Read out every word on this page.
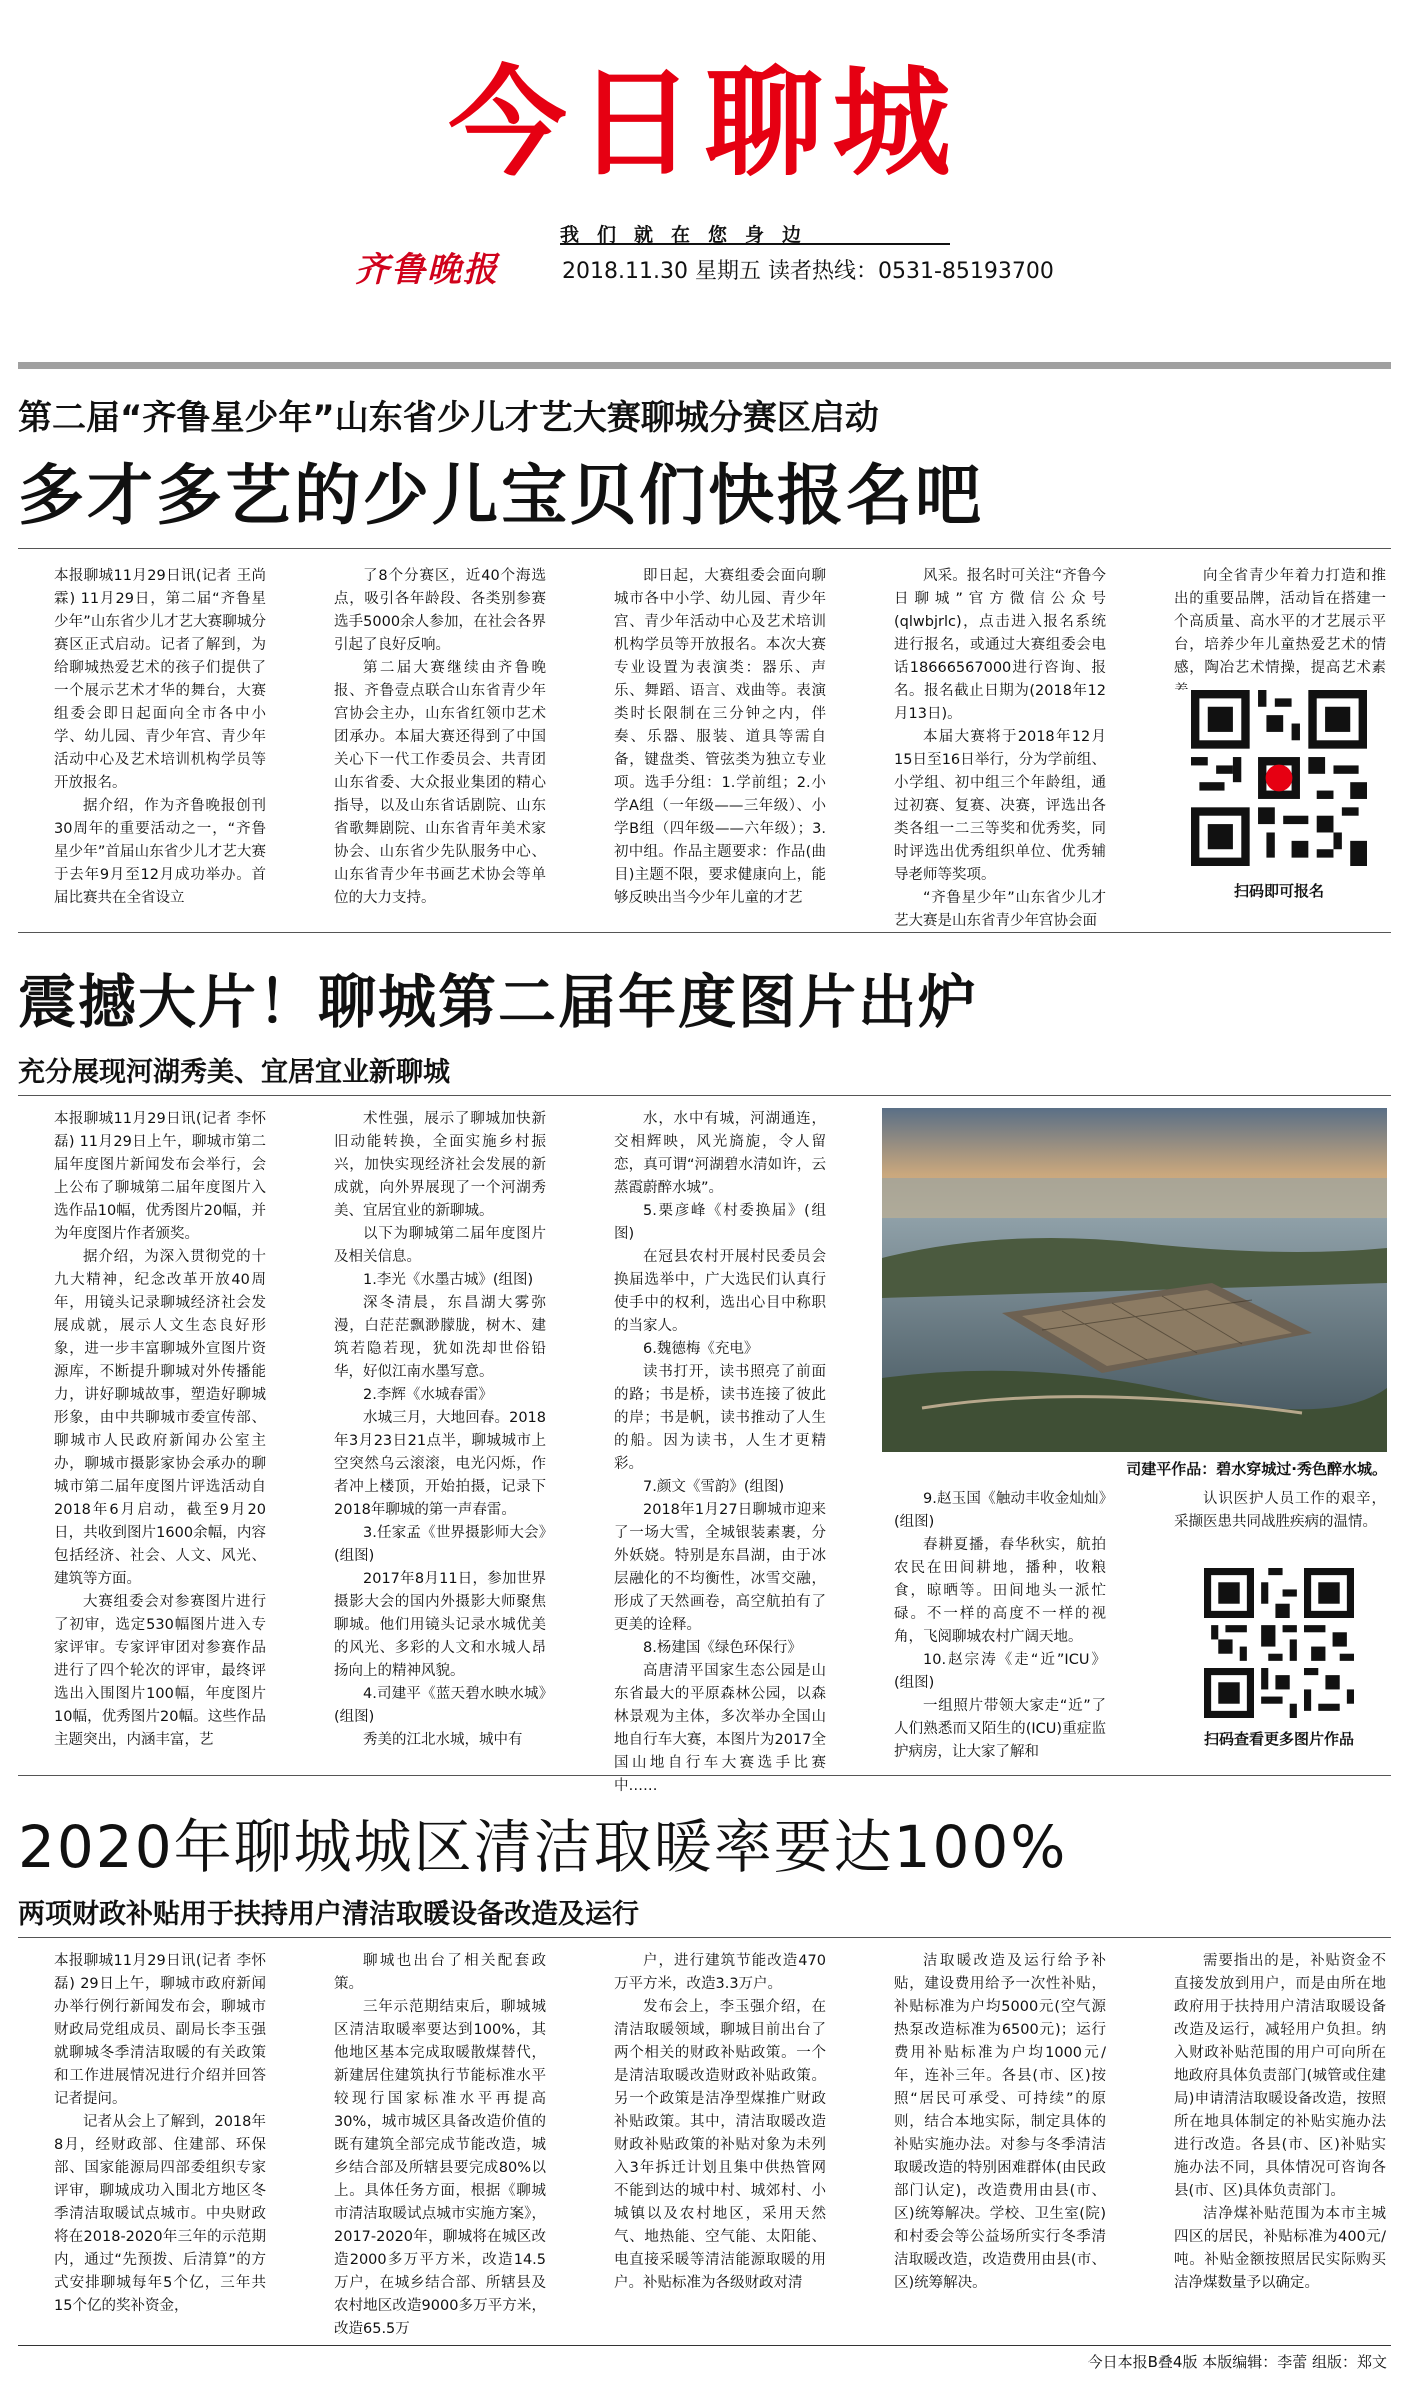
今日聊城
我们就在您身边
齐鲁晚报	2018.11.30 星期五 读者热线：0531-85193700
第二届“齐鲁星少年”山东省少儿才艺大赛聊城分赛区启动
多才多艺的少儿宝贝们快报名吧

本报聊城11月29日讯(记者 王尚霖) 11月29日，第二届“齐鲁星少年”山东省少儿才艺大赛聊城分赛区正式启动。记者了解到，为给聊城热爱艺术的孩子们提供了一个展示艺术才华的舞台，大赛组委会即日起面向全市各中小学、幼儿园、青少年宫、青少年活动中心及艺术培训机构学员等开放报名。

据介绍，作为齐鲁晚报创刊30周年的重要活动之一，“齐鲁星少年”首届山东省少儿才艺大赛于去年9月至12月成功举办。首届比赛共在全省设立

了8个分赛区，近40个海选点，吸引各年龄段、各类别参赛选手5000余人参加，在社会各界引起了良好反响。

第二届大赛继续由齐鲁晚报、齐鲁壹点联合山东省青少年宫协会主办，山东省红领巾艺术团承办。本届大赛还得到了中国关心下一代工作委员会、共青团山东省委、大众报业集团的精心指导，以及山东省话剧院、山东省歌舞剧院、山东省青年美术家协会、山东省少先队服务中心、山东省青少年书画艺术协会等单位的大力支持。

即日起，大赛组委会面向聊城市各中小学、幼儿园、青少年宫、青少年活动中心及艺术培训机构学员等开放报名。本次大赛专业设置为表演类：器乐、声乐、舞蹈、语言、戏曲等。表演类时长限制在三分钟之内，伴奏、乐器、服装、道具等需自备，键盘类、管弦类为独立专业项。选手分组：1.学前组；2.小学A组（一年级——三年级）、小学B组（四年级——六年级）；3.初中组。作品主题要求：作品(曲目)主题不限，要求健康向上，能够反映出当今少年儿童的才艺

风采。报名时可关注“齐鲁今日聊城”官方微信公众号(qlwbjrlc)，点击进入报名系统进行报名，或通过大赛组委会电话18666567000进行咨询、报名。报名截止日期为(2018年12月13日)。

本届大赛将于2018年12月15日至16日举行，分为学前组、小学组、初中组三个年龄组，通过初赛、复赛、决赛，评选出各类各组一二三等奖和优秀奖，同时评选出优秀组织单位、优秀辅导老师等奖项。

“齐鲁星少年”山东省少儿才艺大赛是山东省青少年宫协会面

向全省青少年着力打造和推出的重要品牌，活动旨在搭建一个高质量、高水平的才艺展示平台，培养少年儿童热爱艺术的情感，陶冶艺术情操，提高艺术素

扫码即可报名
震撼大片！聊城第二届年度图片出炉
充分展现河湖秀美、宜居宜业新聊城

本报聊城11月29日讯(记者 李怀磊) 11月29日上午，聊城市第二届年度图片新闻发布会举行，会上公布了聊城第二届年度图片入选作品10幅，优秀图片20幅，并为年度图片作者颁奖。

据介绍，为深入贯彻党的十九大精神，纪念改革开放40周年，用镜头记录聊城经济社会发展成就，展示人文生态良好形象，进一步丰富聊城外宣图片资源库，不断提升聊城对外传播能力，讲好聊城故事，塑造好聊城形象，由中共聊城市委宣传部、聊城市人民政府新闻办公室主办，聊城市摄影家协会承办的聊城市第二届年度图片评选活动自2018年6月启动，截至9月20日，共收到图片1600余幅，内容包括经济、社会、人文、风光、建筑等方面。

大赛组委会对参赛图片进行了初审，选定530幅图片进入专家评审。专家评审团对参赛作品进行了四个轮次的评审，最终评选出入围图片100幅，年度图片10幅，优秀图片20幅。这些作品主题突出，内涵丰富，艺

术性强，展示了聊城加快新旧动能转换，全面实施乡村振兴，加快实现经济社会发展的新成就，向外界展现了一个河湖秀美、宜居宜业的新聊城。

以下为聊城第二届年度图片及相关信息。

1.李光《水墨古城》(组图)

深冬清晨，东昌湖大雾弥漫，白茫茫飘渺朦胧，树木、建筑若隐若现，犹如洗却世俗铅华，好似江南水墨写意。

2.李辉《水城春雷》

水城三月，大地回春。2018年3月23日21点半，聊城城市上空突然乌云滚滚，电光闪烁，作者冲上楼顶，开始拍摄，记录下2018年聊城的第一声春雷。

3.任家孟《世界摄影师大会》(组图)

2017年8月11日，参加世界摄影大会的国内外摄影大师聚焦聊城。他们用镜头记录水城优美的风光、多彩的人文和水城人昂扬向上的精神风貌。

4.司建平《蓝天碧水映水城》(组图)

秀美的江北水城，城中有

水，水中有城，河湖通连，交相辉映，风光旖旎，令人留恋，真可谓“河湖碧水清如许，云蒸霞蔚醉水城”。

5.栗彦峰《村委换届》(组图)

在冠县农村开展村民委员会换届选举中，广大选民们认真行使手中的权利，选出心目中称职的当家人。

6.魏德梅《充电》

读书打开，读书照亮了前面的路；书是桥，读书连接了彼此的岸；书是帆，读书推动了人生的船。因为读书，人生才更精彩。

7.颜文《雪韵》(组图)

2018年1月27日聊城市迎来了一场大雪，全城银装素裹，分外妖娆。特别是东昌湖，由于冰层融化的不均衡性，冰雪交融，形成了天然画卷，高空航拍有了更美的诠释。

8.杨建国《绿色环保行》

高唐清平国家生态公园是山东省最大的平原森林公园，以森林景观为主体，多次举办全国山地自行车大赛，本图片为2017全国山地自行车大赛选手比赛中……

司建平作品：碧水穿城过·秀色醉水城。

9.赵玉国《触动丰收金灿灿》(组图)

春耕夏播，春华秋实，航拍农民在田间耕地，播种，收粮食，晾晒等。田间地头一派忙碌。不一样的高度不一样的视角，飞阅聊城农村广阔天地。

10.赵宗涛《走“近”ICU》(组图)

一组照片带领大家走“近”了人们熟悉而又陌生的(ICU)重症监护病房，让大家了解和

认识医护人员工作的艰辛，采撷医患共同战胜疾病的温情。

扫码查看更多图片作品
2020年聊城城区清洁取暖率要达100%
两项财政补贴用于扶持用户清洁取暖设备改造及运行

本报聊城11月29日讯(记者 李怀磊) 29日上午，聊城市政府新闻办举行例行新闻发布会，聊城市财政局党组成员、副局长李玉强就聊城冬季清洁取暖的有关政策和工作进展情况进行介绍并回答记者提问。

记者从会上了解到，2018年8月，经财政部、住建部、环保部、国家能源局四部委组织专家评审，聊城成功入围北方地区冬季清洁取暖试点城市。中央财政将在2018-2020年三年的示范期内，通过“先预拨、后清算”的方式安排聊城每年5个亿，三年共15个亿的奖补资金，

聊城也出台了相关配套政策。

三年示范期结束后，聊城城区清洁取暖率要达到100%，其他地区基本完成取暖散煤替代，新建居住建筑执行节能标准水平较现行国家标准水平再提高30%，城市城区具备改造价值的既有建筑全部完成节能改造，城乡结合部及所辖县要完成80%以上。具体任务方面，根据《聊城市清洁取暖试点城市实施方案》，2017-2020年，聊城将在城区改造2000多万平方米，改造14.5万户，在城乡结合部、所辖县及农村地区改造9000多万平方米，改造65.5万

户，进行建筑节能改造470万平方米，改造3.3万户。

发布会上，李玉强介绍，在清洁取暖领域，聊城目前出台了两个相关的财政补贴政策。一个是清洁取暖改造财政补贴政策。另一个政策是洁净型煤推广财政补贴政策。其中，清洁取暖改造财政补贴政策的补贴对象为未列入3年拆迁计划且集中供热管网不能到达的城中村、城郊村、小城镇以及农村地区，采用天然气、地热能、空气能、太阳能、电直接采暖等清洁能源取暖的用户。补贴标准为各级财政对清

洁取暖改造及运行给予补贴，建设费用给予一次性补贴，补贴标准为户均5000元(空气源热泵改造标准为6500元)；运行费用补贴标准为户均1000元/年，连补三年。各县(市、区)按照“居民可承受、可持续”的原则，结合本地实际，制定具体的补贴实施办法。对参与冬季清洁取暖改造的特别困难群体(由民政部门认定)，改造费用由县(市、区)统筹解决。学校、卫生室(院)和村委会等公益场所实行冬季清洁取暖改造，改造费用由县(市、区)统筹解决。

需要指出的是，补贴资金不直接发放到用户，而是由所在地政府用于扶持用户清洁取暖设备改造及运行，减轻用户负担。纳入财政补贴范围的用户可向所在地政府具体负责部门(城管或住建局)申请清洁取暖设备改造，按照所在地具体制定的补贴实施办法进行改造。各县(市、区)补贴实施办法不同，具体情况可咨询各县(市、区)具体负责部门。

洁净煤补贴范围为本市主城四区的居民，补贴标准为400元/吨。补贴金额按照居民实际购买洁净煤数量予以确定。

今日本报B叠4版 本版编辑：李蕾 组版：郑文
